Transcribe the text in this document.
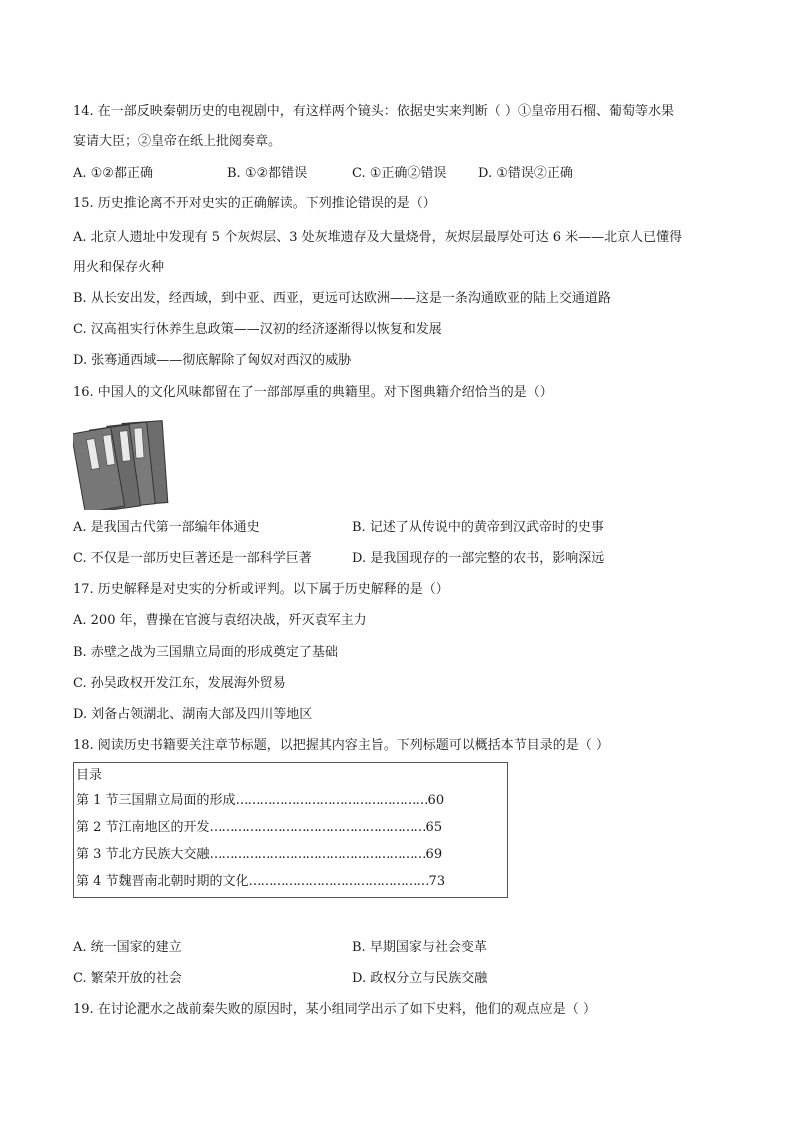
14. 在一部反映秦朝历史的电视剧中，有这样两个镜头：依据史实来判断（ ）①皇帝用石榴、葡萄等水果
宴请大臣；②皇帝在纸上批阅奏章。
A. ①②都正确	B. ①②都错误	C. ①正确②错误 D. ①错误②正确
15. 历史推论离不开对史实的正确解读。下列推论错误的是（）
A. 北京人遗址中发现有 5 个灰烬层、3 处灰堆遗存及大量烧骨，灰烬层最厚处可达 6 米——北京人已懂得
用火和保存火种
B. 从长安出发，经西域，到中亚、西亚，更远可达欧洲——这是一条沟通欧亚的陆上交通道路
C. 汉高祖实行休养生息政策——汉初的经济逐渐得以恢复和发展
D. 张骞通西域——彻底解除了匈奴对西汉的威胁
16. 中国人的文化风味都留在了一部部厚重的典籍里。对下图典籍介绍恰当的是（）
A. 是我国古代第一部编年体通史	B. 记述了从传说中的黄帝到汉武帝时的史事
C. 不仅是一部历史巨著还是一部科学巨著	D. 是我国现存的一部完整的农书，影响深远
17. 历史解释是对史实的分析或评判。以下属于历史解释的是（）
A. 200 年，曹操在官渡与袁绍决战，歼灭袁军主力
B. 赤壁之战为三国鼎立局面的形成奠定了基础
C. 孙吴政权开发江东，发展海外贸易
D. 刘备占领湖北、湖南大部及四川等地区
18. 阅读历史书籍要关注章节标题，以把握其内容主旨。下列标题可以概括本节目录的是（ ）
目录
第 1 节三国鼎立局面的形成…………………………………………60
第 2 节江南地区的开发………………………………………………65
第 3 节北方民族大交融………………………………………………69
第 4 节魏晋南北朝时期的文化………………………………………73
A. 统一国家的建立	B. 早期国家与社会变革
C. 繁荣开放的社会	D. 政权分立与民族交融
19. 在讨论淝水之战前秦失败的原因时，某小组同学出示了如下史料，他们的观点应是（ ）
